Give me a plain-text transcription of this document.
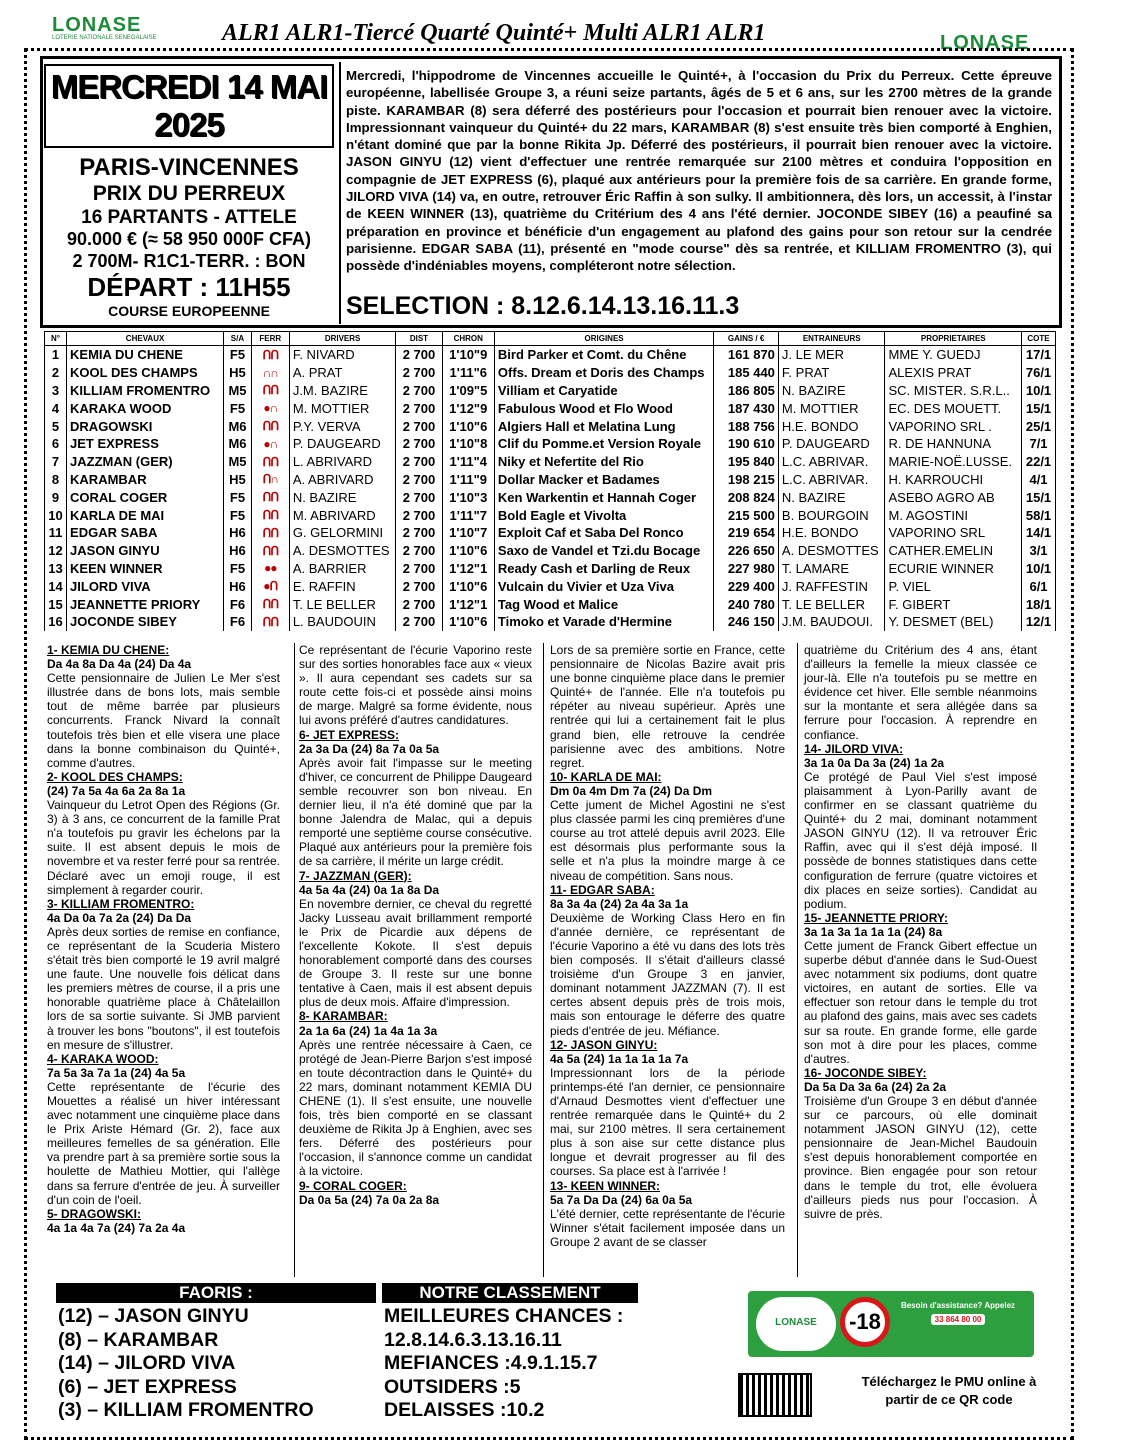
LONASE
LOTERIE NATIONALE SENEGALAISE	ALR1 ALR1-Tiercé Quarté Quinté+ Multi ALR1 ALR1	LONASE
MERCREDI 14 MAI 2025
PARIS-VINCENNES
PRIX DU PERREUX
16 PARTANTS - ATTELE
90.000 € (≈ 58 950 000F CFA)
2 700M- R1C1-TERR. : BON
DÉPART : 11H55
COURSE EUROPEENNE
Mercredi, l'hippodrome de Vincennes accueille le Quinté+, à l'occasion du Prix du Perreux. Cette épreuve européenne, labellisée Groupe 3, a réuni seize partants, âgés de 5 et 6 ans, sur les 2700 mètres de la grande piste. KARAMBAR (8) sera déferré des postérieurs pour l'occasion et pourrait bien renouer avec la victoire. Impressionnant vainqueur du Quinté+ du 22 mars, KARAMBAR (8) s'est ensuite très bien comporté à Enghien, n'étant dominé que par la bonne Rikita Jp. Déferré des postérieurs, il pourrait bien renouer avec la victoire. JASON GINYU (12) vient d'effectuer une rentrée remarquée sur 2100 mètres et conduira l'opposition en compagnie de JET EXPRESS (6), plaqué aux antérieurs pour la première fois de sa carrière. En grande forme, JILORD VIVA (14) va, en outre, retrouver Éric Raffin à son sulky. Il ambitionnera, dès lors, un accessit, à l'instar de KEEN WINNER (13), quatrième du Critérium des 4 ans l'été dernier. JOCONDE SIBEY (16) a peaufiné sa préparation en province et bénéficie d'un engagement au plafond des gains pour son retour sur la cendrée parisienne. EDGAR SABA (11), présenté en "mode course" dès sa rentrée, et KILLIAM FROMENTRO (3), qui possède d'indéniables moyens, compléteront notre sélection.
SELECTION : 8.12.6.14.13.16.11.3
N°	CHEVAUX	S/A	FERR	DRIVERS	DIST	CHRON	ORIGINES	GAINS / €	ENTRAINEURS	PROPRIETAIRES	COTE
1	KEMIA DU CHENE	F5	ᑎᑎ	F. NIVARD	2 700	1'10"9	Bird Parker et Comt. du Chêne	161 870	J. LE MER	MME Y. GUEDJ	17/1
2	KOOL DES CHAMPS	H5	∩∩	A. PRAT	2 700	1'11"6	Offs. Dream et Doris des Champs	185 440	F. PRAT	ALEXIS PRAT	76/1
3	KILLIAM FROMENTRO	M5	ᑎᑎ	J.M. BAZIRE	2 700	1'09"5	Villiam et Caryatide	186 805	N. BAZIRE	SC. MISTER. S.R.L..	10/1
4	KARAKA WOOD	F5	●∩	M. MOTTIER	2 700	1'12"9	Fabulous Wood et Flo Wood	187 430	M. MOTTIER	EC. DES MOUETT.	15/1
5	DRAGOWSKI	M6	ᑎᑎ	P.Y. VERVA	2 700	1'10"6	Algiers Hall et Melatina Lung	188 756	H.E. BONDO	VAPORINO SRL .	25/1
6	JET EXPRESS	M6	●∩	P. DAUGEARD	2 700	1'10"8	Clif du Pomme.et Version Royale	190 610	P. DAUGEARD	R. DE HANNUNA	7/1
7	JAZZMAN (GER)	M5	ᑎᑎ	L. ABRIVARD	2 700	1'11"4	Niky et Nefertite del Rio	195 840	L.C. ABRIVAR.	MARIE-NOË.LUSSE.	22/1
8	KARAMBAR	H5	ᑎ∩	A. ABRIVARD	2 700	1'11"9	Dollar Macker et Badames	198 215	L.C. ABRIVAR.	H. KARROUCHI	4/1
9	CORAL COGER	F5	ᑎᑎ	N. BAZIRE	2 700	1'10"3	Ken Warkentin et Hannah Coger	208 824	N. BAZIRE	ASEBO AGRO AB	15/1
10	KARLA DE MAI	F5	ᑎᑎ	M. ABRIVARD	2 700	1'11"7	Bold Eagle et Vivolta	215 500	B. BOURGOIN	M. AGOSTINI	58/1
11	EDGAR SABA	H6	ᑎᑎ	G. GELORMINI	2 700	1'10"7	Exploit Caf et Saba Del Ronco	219 654	H.E. BONDO	VAPORINO SRL	14/1
12	JASON GINYU	H6	ᑎᑎ	A. DESMOTTES	2 700	1'10"6	Saxo de Vandel et Tzi.du Bocage	226 650	A. DESMOTTES	CATHER.EMELIN	3/1
13	KEEN WINNER	F5	●●	A. BARRIER	2 700	1'12"1	Ready Cash et Darling de Reux	227 980	T. LAMARE	ECURIE WINNER	10/1
14	JILORD VIVA	H6	●ᑎ	E. RAFFIN	2 700	1'10"6	Vulcain du Vivier et Uza Viva	229 400	J. RAFFESTIN	P. VIEL	6/1
15	JEANNETTE PRIORY	F6	ᑎᑎ	T. LE BELLER	2 700	1'12"1	Tag Wood et Malice	240 780	T. LE BELLER	F. GIBERT	18/1
16	JOCONDE SIBEY	F6	ᑎᑎ	L. BAUDOUIN	2 700	1'10"6	Timoko et Varade d'Hermine	246 150	J.M. BAUDOUI.	Y. DESMET (BEL)	12/1
1- KEMIA DU CHENE:
Da 4a 8a Da 4a (24) Da 4a

Cette pensionnaire de Julien Le Mer s'est illustrée dans de bons lots, mais semble tout de même barrée par plusieurs concurrents. Franck Nivard la connaît toutefois très bien et elle visera une place dans la bonne combinaison du Quinté+, comme d'autres.

2- KOOL DES CHAMPS:
(24) 7a 5a 4a 6a 2a 8a 1a

Vainqueur du Letrot Open des Régions (Gr. 3) à 3 ans, ce concurrent de la famille Prat n'a toutefois pu gravir les échelons par la suite. Il est absent depuis le mois de novembre et va rester ferré pour sa rentrée. Déclaré avec un emoji rouge, il est simplement à regarder courir.

3- KILLIAM FROMENTRO:
4a Da 0a 7a 2a (24) Da Da

Après deux sorties de remise en confiance, ce représentant de la Scuderia Mistero s'était très bien comporté le 19 avril malgré une faute. Une nouvelle fois délicat dans les premiers mètres de course, il a pris une honorable quatrième place à Châtelaillon lors de sa sortie suivante. Si JMB parvient à trouver les bons "boutons", il est toutefois en mesure de s'illustrer.

4- KARAKA WOOD:
7a 5a 3a 7a 1a (24) 4a 5a

Cette représentante de l'écurie des Mouettes a réalisé un hiver intéressant avec notamment une cinquième place dans le Prix Ariste Hémard (Gr. 2), face aux meilleures femelles de sa génération. Elle va prendre part à sa première sortie sous la houlette de Mathieu Mottier, qui l'allège dans sa ferrure d'entrée de jeu. À surveiller d'un coin de l'oeil.

5- DRAGOWSKI:
4a 1a 4a 7a (24) 7a 2a 4a

Ce représentant de l'écurie Vaporino reste sur des sorties honorables face aux « vieux ». Il aura cependant ses cadets sur sa route cette fois-ci et possède ainsi moins de marge. Malgré sa forme évidente, nous lui avons préféré d'autres candidatures.

6- JET EXPRESS:
2a 3a Da (24) 8a 7a 0a 5a

Après avoir fait l'impasse sur le meeting d'hiver, ce concurrent de Philippe Daugeard semble recouvrer son bon niveau. En dernier lieu, il n'a été dominé que par la bonne Jalendra de Malac, qui a depuis remporté une septième course consécutive. Plaqué aux antérieurs pour la première fois de sa carrière, il mérite un large crédit.

7- JAZZMAN (GER):
4a 5a 4a (24) 0a 1a 8a Da

En novembre dernier, ce cheval du regretté Jacky Lusseau avait brillamment remporté le Prix de Picardie aux dépens de l'excellente Kokote. Il s'est depuis honorablement comporté dans des courses de Groupe 3. Il reste sur une bonne tentative à Caen, mais il est absent depuis plus de deux mois. Affaire d'impression.

8- KARAMBAR:
2a 1a 6a (24) 1a 4a 1a 3a

Après une rentrée nécessaire à Caen, ce protégé de Jean-Pierre Barjon s'est imposé en toute décontraction dans le Quinté+ du 22 mars, dominant notamment KEMIA DU CHENE (1). Il s'est ensuite, une nouvelle fois, très bien comporté en se classant deuxième de Rikita Jp à Enghien, avec ses fers. Déferré des postérieurs pour l'occasion, il s'annonce comme un candidat à la victoire.

9- CORAL COGER:
Da 0a 5a (24) 7a 0a 2a 8a

Lors de sa première sortie en France, cette pensionnaire de Nicolas Bazire avait pris une bonne cinquième place dans le premier Quinté+ de l'année. Elle n'a toutefois pu répéter au niveau supérieur. Après une rentrée qui lui a certainement fait le plus grand bien, elle retrouve la cendrée parisienne avec des ambitions. Notre regret.

10- KARLA DE MAI:
Dm 0a 4m Dm 7a (24) Da Dm

Cette jument de Michel Agostini ne s'est plus classée parmi les cinq premières d'une course au trot attelé depuis avril 2023. Elle est désormais plus performante sous la selle et n'a plus la moindre marge à ce niveau de compétition. Sans nous.

11- EDGAR SABA:
8a 3a 4a (24) 2a 4a 3a 1a

Deuxième de Working Class Hero en fin d'année dernière, ce représentant de l'écurie Vaporino a été vu dans des lots très bien composés. Il s'était d'ailleurs classé troisième d'un Groupe 3 en janvier, dominant notamment JAZZMAN (7). Il est certes absent depuis près de trois mois, mais son entourage le déferre des quatre pieds d'entrée de jeu. Méfiance.

12- JASON GINYU:
4a 5a (24) 1a 1a 1a 1a 7a

Impressionnant lors de la période printemps-été l'an dernier, ce pensionnaire d'Arnaud Desmottes vient d'effectuer une rentrée remarquée dans le Quinté+ du 2 mai, sur 2100 mètres. Il sera certainement plus à son aise sur cette distance plus longue et devrait progresser au fil des courses. Sa place est à l'arrivée !

13- KEEN WINNER:
5a 7a Da Da (24) 6a 0a 5a

L'été dernier, cette représentante de l'écurie Winner s'était facilement imposée dans un Groupe 2 avant de se classer

quatrième du Critérium des 4 ans, étant d'ailleurs la femelle la mieux classée ce jour-là. Elle n'a toutefois pu se mettre en évidence cet hiver. Elle semble néanmoins sur la montante et sera allégée dans sa ferrure pour l'occasion. À reprendre en confiance.

14- JILORD VIVA:
3a 1a 0a Da 3a (24) 1a 2a

Ce protégé de Paul Viel s'est imposé plaisamment à Lyon-Parilly avant de confirmer en se classant quatrième du Quinté+ du 2 mai, dominant notamment JASON GINYU (12). Il va retrouver Éric Raffin, avec qui il s'est déjà imposé. Il possède de bonnes statistiques dans cette configuration de ferrure (quatre victoires et dix places en seize sorties). Candidat au podium.

15- JEANNETTE PRIORY:
3a 1a 3a 1a 1a 1a (24) 8a

Cette jument de Franck Gibert effectue un superbe début d'année dans le Sud-Ouest avec notamment six podiums, dont quatre victoires, en autant de sorties. Elle va effectuer son retour dans le temple du trot au plafond des gains, mais avec ses cadets sur sa route. En grande forme, elle garde son mot à dire pour les places, comme d'autres.

16- JOCONDE SIBEY:
Da 5a Da 3a 6a (24) 2a 2a

Troisième d'un Groupe 3 en début d'année sur ce parcours, où elle dominait notamment JASON GINYU (12), cette pensionnaire de Jean-Michel Baudouin s'est depuis honorablement comportée en province. Bien engagée pour son retour dans le temple du trot, elle évoluera d'ailleurs pieds nus pour l'occasion. À suivre de près.

FAORIS :
(12) – JASON GINYU
(8) – KARAMBAR
(14) – JILORD VIVA
(6) – JET EXPRESS
(3) – KILLIAM FROMENTRO
NOTRE CLASSEMENT
MEILLEURES CHANCES :
12.8.14.6.3.13.16.11
MEFIANCES :4.9.1.15.7
OUTSIDERS :5
DELAISSES :10.2
LONASE	-18
Besoin d'assistance? Appelez
33 864 80 00
Téléchargez le PMU online à partir de ce QR code
